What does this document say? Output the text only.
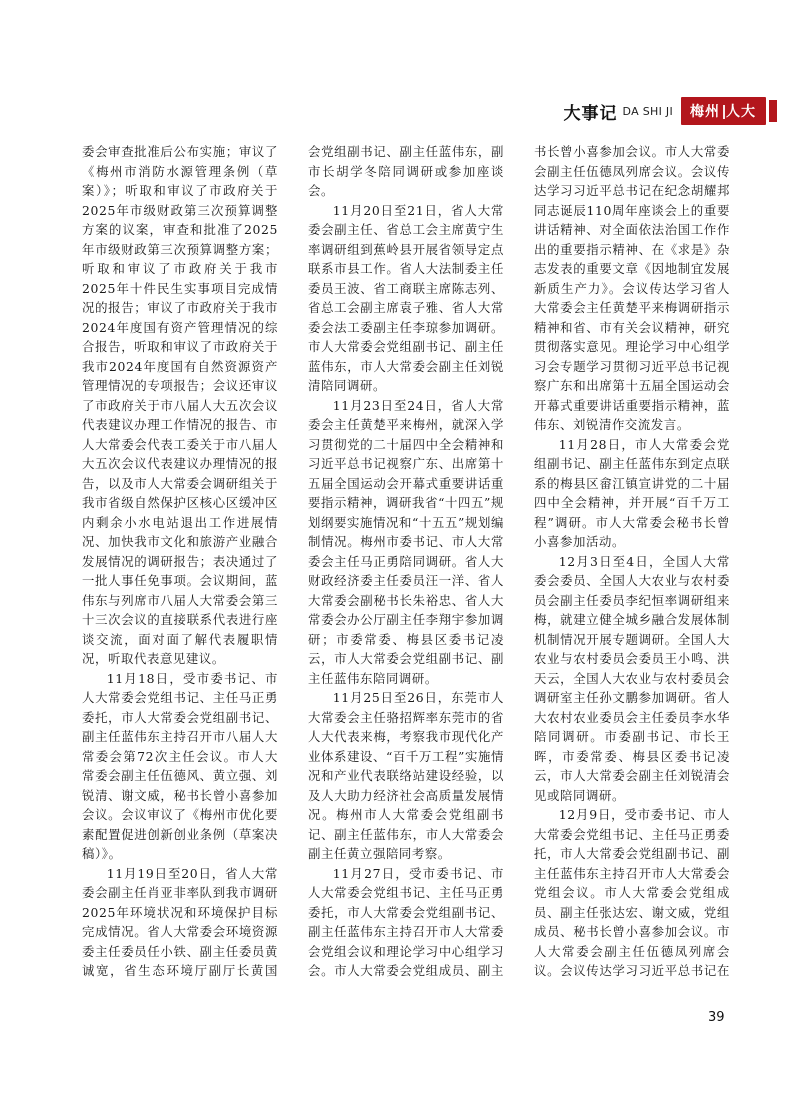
大事记 DA SHI JI	梅州 人大

委会审查批准后公布实施；审议了《梅州市消防水源管理条例（草案）》；听取和审议了市政府关于2025年市级财政第三次预算调整方案的议案，审查和批准了2025年市级财政第三次预算调整方案；听取和审议了市政府关于我市2025年十件民生实事项目完成情况的报告；审议了市政府关于我市2024年度国有资产管理情况的综合报告，听取和审议了市政府关于我市2024年度国有自然资源资产管理情况的专项报告；会议还审议了市政府关于市八届人大五次会议代表建议办理工作情况的报告、市人大常委会代表工委关于市八届人大五次会议代表建议办理情况的报告，以及市人大常委会调研组关于我市省级自然保护区核心区缓冲区内剩余小水电站退出工作进展情况、加快我市文化和旅游产业融合发展情况的调研报告；表决通过了一批人事任免事项。会议期间，蓝伟东与列席市八届人大常委会第三十三次会议的直接联系代表进行座谈交流，面对面了解代表履职情况，听取代表意见建议。

11月18日，受市委书记、市人大常委会党组书记、主任马正勇委托，市人大常委会党组副书记、副主任蓝伟东主持召开市八届人大常委会第72次主任会议。市人大常委会副主任伍德风、黄立强、刘锐清、谢文威，秘书长曾小喜参加会议。会议审议了《梅州市优化要素配置促进创新创业条例（草案决稿）》。

11月19日至20日，省人大常委会副主任肖亚非率队到我市调研2025年环境状况和环境保护目标完成情况。省人大常委会环境资源委主任委员任小铁、副主任委员黄诚宽，省生态环境厅副厅长黄国

会党组副书记、副主任蓝伟东，副市长胡学冬陪同调研或参加座谈会。

11月20日至21日，省人大常委会副主任、省总工会主席黄宁生率调研组到蕉岭县开展省领导定点联系市县工作。省人大法制委主任委员王波、省工商联主席陈志列、省总工会副主席袁子雅、省人大常委会法工委副主任李琼参加调研。市人大常委会党组副书记、副主任蓝伟东，市人大常委会副主任刘锐清陪同调研。

11月23日至24日，省人大常委会主任黄楚平来梅州，就深入学习贯彻党的二十届四中全会精神和习近平总书记视察广东、出席第十五届全国运动会开幕式重要讲话重要指示精神，调研我省“十四五”规划纲要实施情况和“十五五”规划编制情况。梅州市委书记、市人大常委会主任马正勇陪同调研。省人大财政经济委主任委员汪一洋、省人大常委会副秘书长朱裕忠、省人大常委会办公厅副主任李翔宇参加调研；市委常委、梅县区委书记凌云，市人大常委会党组副书记、副主任蓝伟东陪同调研。

11月25日至26日，东莞市人大常委会主任骆招辉率东莞市的省人大代表来梅，考察我市现代化产业体系建设、“百千万工程”实施情况和产业代表联络站建设经验，以及人大助力经济社会高质量发展情况。梅州市人大常委会党组副书记、副主任蓝伟东，市人大常委会副主任黄立强陪同考察。

11月27日，受市委书记、市人大常委会党组书记、主任马正勇委托，市人大常委会党组副书记、副主任蓝伟东主持召开市人大常委会党组会议和理论学习中心组学习会。市人大常委会党组成员、副主

书长曾小喜参加会议。市人大常委会副主任伍德凤列席会议。会议传达学习习近平总书记在纪念胡耀邦同志诞辰110周年座谈会上的重要讲话精神、对全面依法治国工作作出的重要指示精神、在《求是》杂志发表的重要文章《因地制宜发展新质生产力》。会议传达学习省人大常委会主任黄楚平来梅调研指示精神和省、市有关会议精神，研究贯彻落实意见。理论学习中心组学习会专题学习贯彻习近平总书记视察广东和出席第十五届全国运动会开幕式重要讲话重要指示精神，蓝伟东、刘锐清作交流发言。

11月28日，市人大常委会党组副书记、副主任蓝伟东到定点联系的梅县区畲江镇宣讲党的二十届四中全会精神，并开展“百千万工程”调研。市人大常委会秘书长曾小喜参加活动。

12月3日至4日，全国人大常委会委员、全国人大农业与农村委员会副主任委员李纪恒率调研组来梅，就建立健全城乡融合发展体制机制情况开展专题调研。全国人大农业与农村委员会委员王小鸣、洪天云，全国人大农业与农村委员会调研室主任孙文鹏参加调研。省人大农村农业委员会主任委员李水华陪同调研。市委副书记、市长王晖，市委常委、梅县区委书记凌云，市人大常委会副主任刘锐清会见或陪同调研。

12月9日，受市委书记、市人大常委会党组书记、主任马正勇委托，市人大常委会党组副书记、副主任蓝伟东主持召开市人大常委会党组会议。市人大常委会党组成员、副主任张达宏、谢文威，党组成员、秘书长曾小喜参加会议。市人大常委会副主任伍德凤列席会议。会议传达学习习近平总书记在

39
